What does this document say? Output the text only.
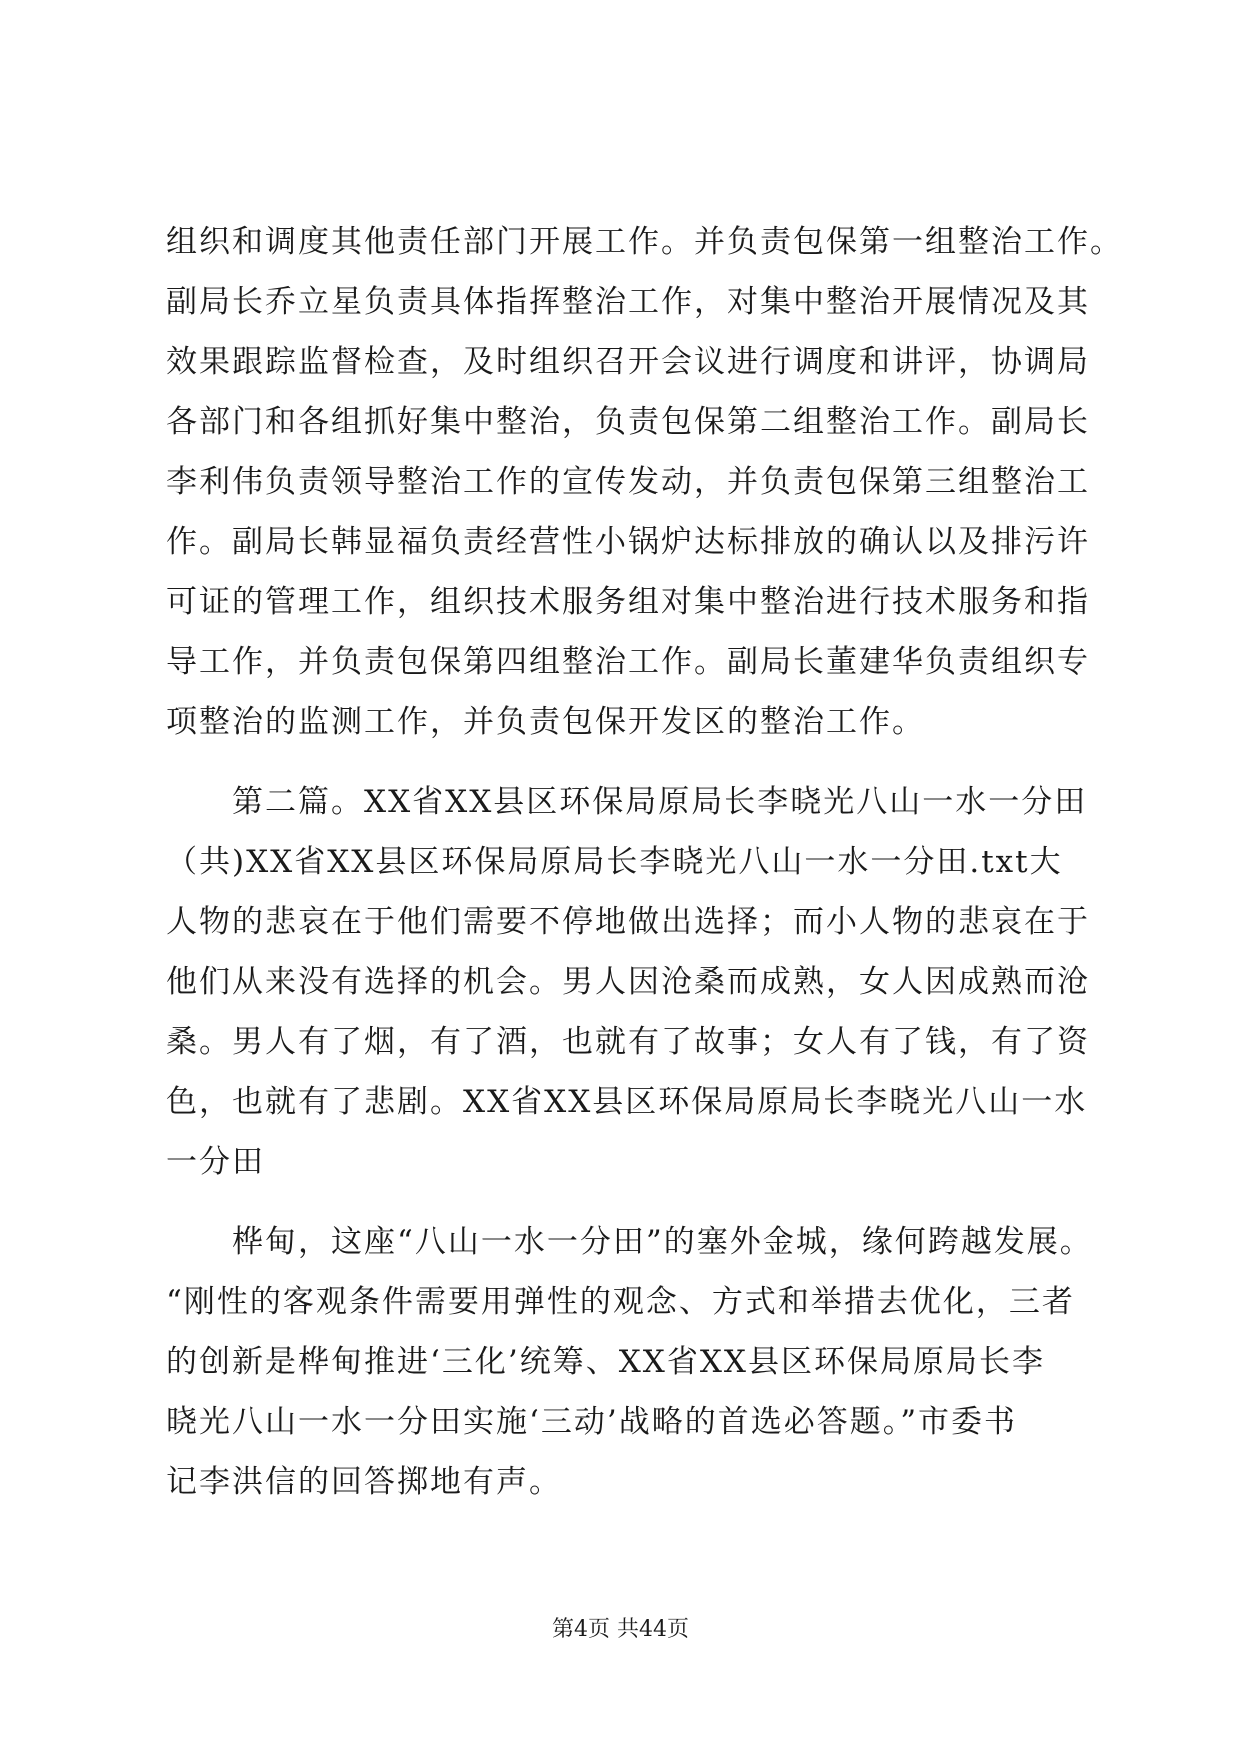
组织和调度其他责任部门开展工作。并负责包保第一组整治工作。
副局长乔立星负责具体指挥整治工作，对集中整治开展情况及其
效果跟踪监督检查，及时组织召开会议进行调度和讲评，协调局
各部门和各组抓好集中整治，负责包保第二组整治工作。副局长
李利伟负责领导整治工作的宣传发动，并负责包保第三组整治工
作。副局长韩显福负责经营性小锅炉达标排放的确认以及排污许
可证的管理工作，组织技术服务组对集中整治进行技术服务和指
导工作，并负责包保第四组整治工作。副局长董建华负责组织专
项整治的监测工作，并负责包保开发区的整治工作。
　　第二篇。XX省XX县区环保局原局长李晓光八山一水一分田
（共)XX省XX县区环保局原局长李晓光八山一水一分田.txt大
人物的悲哀在于他们需要不停地做出选择；而小人物的悲哀在于
他们从来没有选择的机会。男人因沧桑而成熟，女人因成熟而沧
桑。男人有了烟，有了酒，也就有了故事；女人有了钱，有了资
色，也就有了悲剧。XX省XX县区环保局原局长李晓光八山一水
一分田
　　桦甸，这座“八山一水一分田”的塞外金城，缘何跨越发展。
“刚性的客观条件需要用弹性的观念、方式和举措去优化，三者
的创新是桦甸推进‘三化’统筹、XX省XX县区环保局原局长李
晓光八山一水一分田实施‘三动’战略的首选必答题。”市委书
记李洪信的回答掷地有声。
第4页 共44页
